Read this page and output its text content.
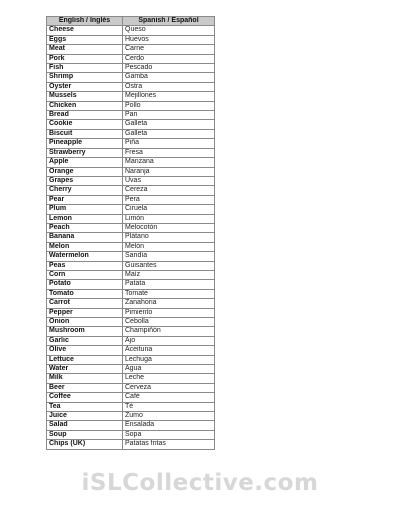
English / Inglés	Spanish / Español
Cheese	Queso
Eggs	Huevos
Meat	Carne
Pork	Cerdo
Fish	Pescado
Shrimp	Gamba
Oyster	Ostra
Mussels	Mejillones
Chicken	Pollo
Bread	Pan
Cookie	Galleta
Biscuit	Galleta
Pineapple	Piña
Strawberry	Fresa
Apple	Manzana
Orange	Naranja
Grapes	Uvas
Cherry	Cereza
Pear	Pera
Plum	Ciruela
Lemon	Limón
Peach	Melocotón
Banana	Plátano
Melon	Melón
Watermelon	Sandía
Peas	Guisantes
Corn	Maíz
Potato	Patata
Tomato	Tomate
Carrot	Zanahoria
Pepper	Pimiento
Onion	Cebolla
Mushroom	Champiñón
Garlic	Ajo
Olive	Aceituna
Lettuce	Lechuga
Water	Agua
Milk	Leche
Beer	Cerveza
Coffee	Café
Tea	Té
Juice	Zumo
Salad	Ensalada
Soup	Sopa
Chips (UK)	Patatas fritas
iSLCollective.com
